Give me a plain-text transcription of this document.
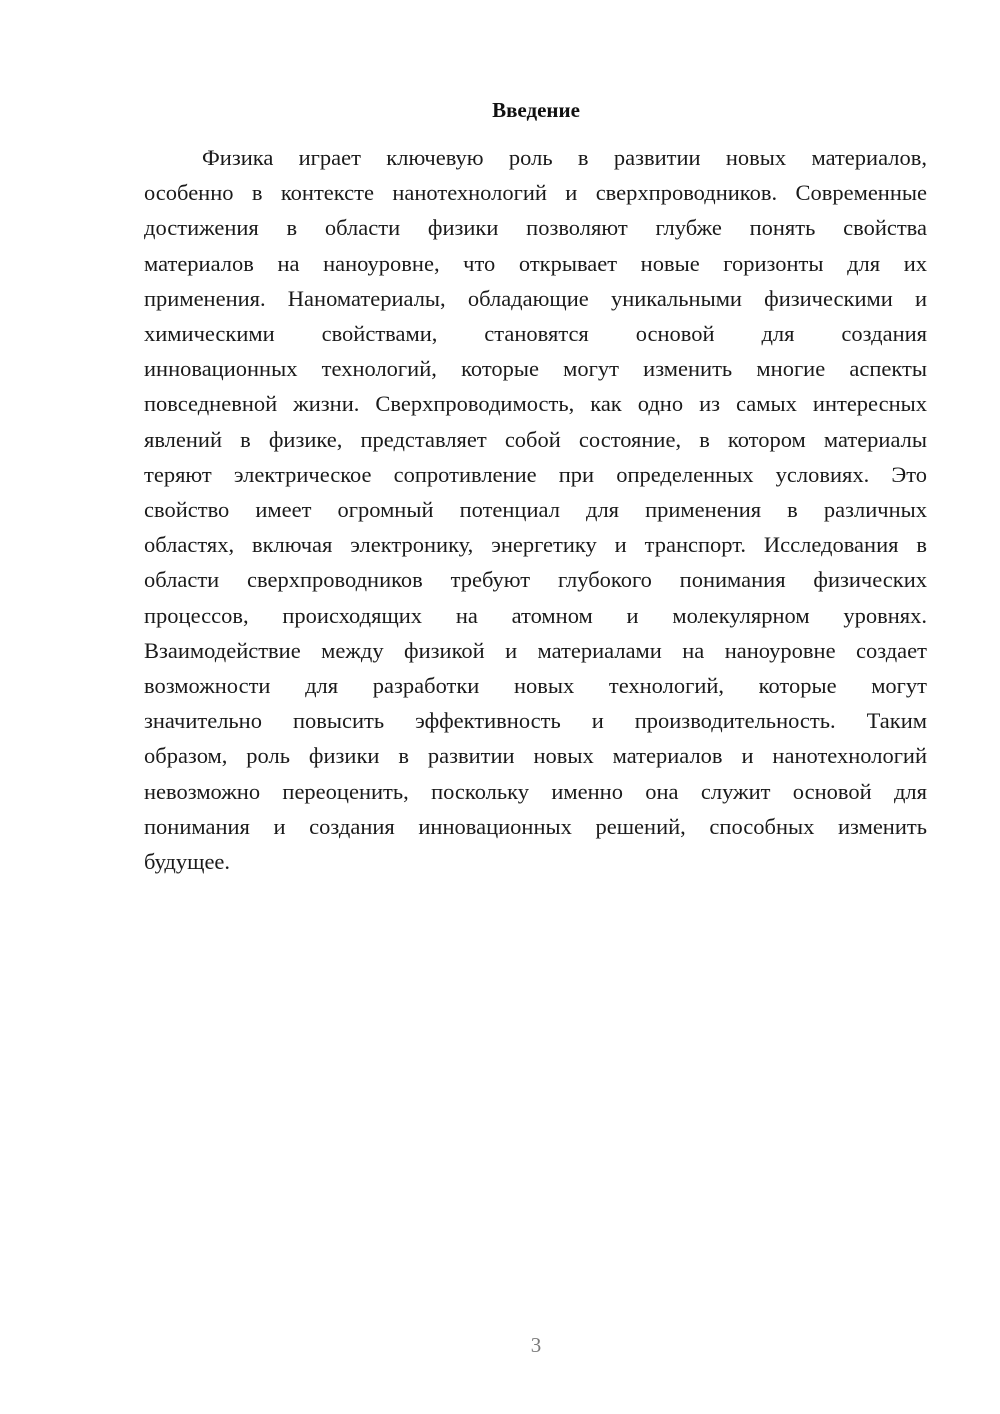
Введение

Физика играет ключевую роль в развитии новых материалов,
особенно в контексте нанотехнологий и сверхпроводников. Современные
достижения в области физики позволяют глубже понять свойства
материалов на наноуровне, что открывает новые горизонты для их
применения. Наноматериалы, обладающие уникальными физическими и
химическими свойствами, становятся основой для создания
инновационных технологий, которые могут изменить многие аспекты
повседневной жизни. Сверхпроводимость, как одно из самых интересных
явлений в физике, представляет собой состояние, в котором материалы
теряют электрическое сопротивление при определенных условиях. Это
свойство имеет огромный потенциал для применения в различных
областях, включая электронику, энергетику и транспорт. Исследования в
области сверхпроводников требуют глубокого понимания физических
процессов, происходящих на атомном и молекулярном уровнях.
Взаимодействие между физикой и материалами на наноуровне создает
возможности для разработки новых технологий, которые могут
значительно повысить эффективность и производительность. Таким
образом, роль физики в развитии новых материалов и нанотехнологий
невозможно переоценить, поскольку именно она служит основой для
понимания и создания инновационных решений, способных изменить
будущее.

3
